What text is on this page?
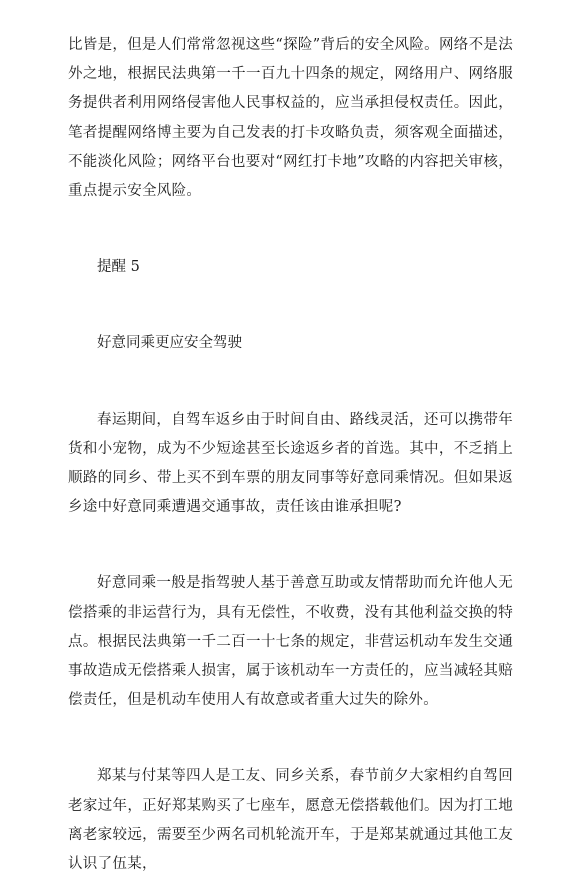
比皆是，但是人们常常忽视这些“探险”背后的安全风险。网络不是法外之地，根据民法典第一千一百九十四条的规定，网络用户、网络服务提供者利用网络侵害他人民事权益的，应当承担侵权责任。因此，笔者提醒网络博主要为自己发表的打卡攻略负责，须客观全面描述，不能淡化风险；网络平台也要对“网红打卡地”攻略的内容把关审核，重点提示安全风险。

提醒 5

好意同乘更应安全驾驶

春运期间，自驾车返乡由于时间自由、路线灵活，还可以携带年货和小宠物，成为不少短途甚至长途返乡者的首选。其中，不乏捎上顺路的同乡、带上买不到车票的朋友同事等好意同乘情况。但如果返乡途中好意同乘遭遇交通事故，责任该由谁承担呢?

好意同乘一般是指驾驶人基于善意互助或友情帮助而允许他人无偿搭乘的非运营行为，具有无偿性，不收费，没有其他利益交换的特点。根据民法典第一千二百一十七条的规定，非营运机动车发生交通事故造成无偿搭乘人损害，属于该机动车一方责任的，应当减轻其赔偿责任，但是机动车使用人有故意或者重大过失的除外。

郑某与付某等四人是工友、同乡关系，春节前夕大家相约自驾回老家过年，正好郑某购买了七座车，愿意无偿搭载他们。因为打工地离老家较远，需要至少两名司机轮流开车，于是郑某就通过其他工友认识了伍某，
